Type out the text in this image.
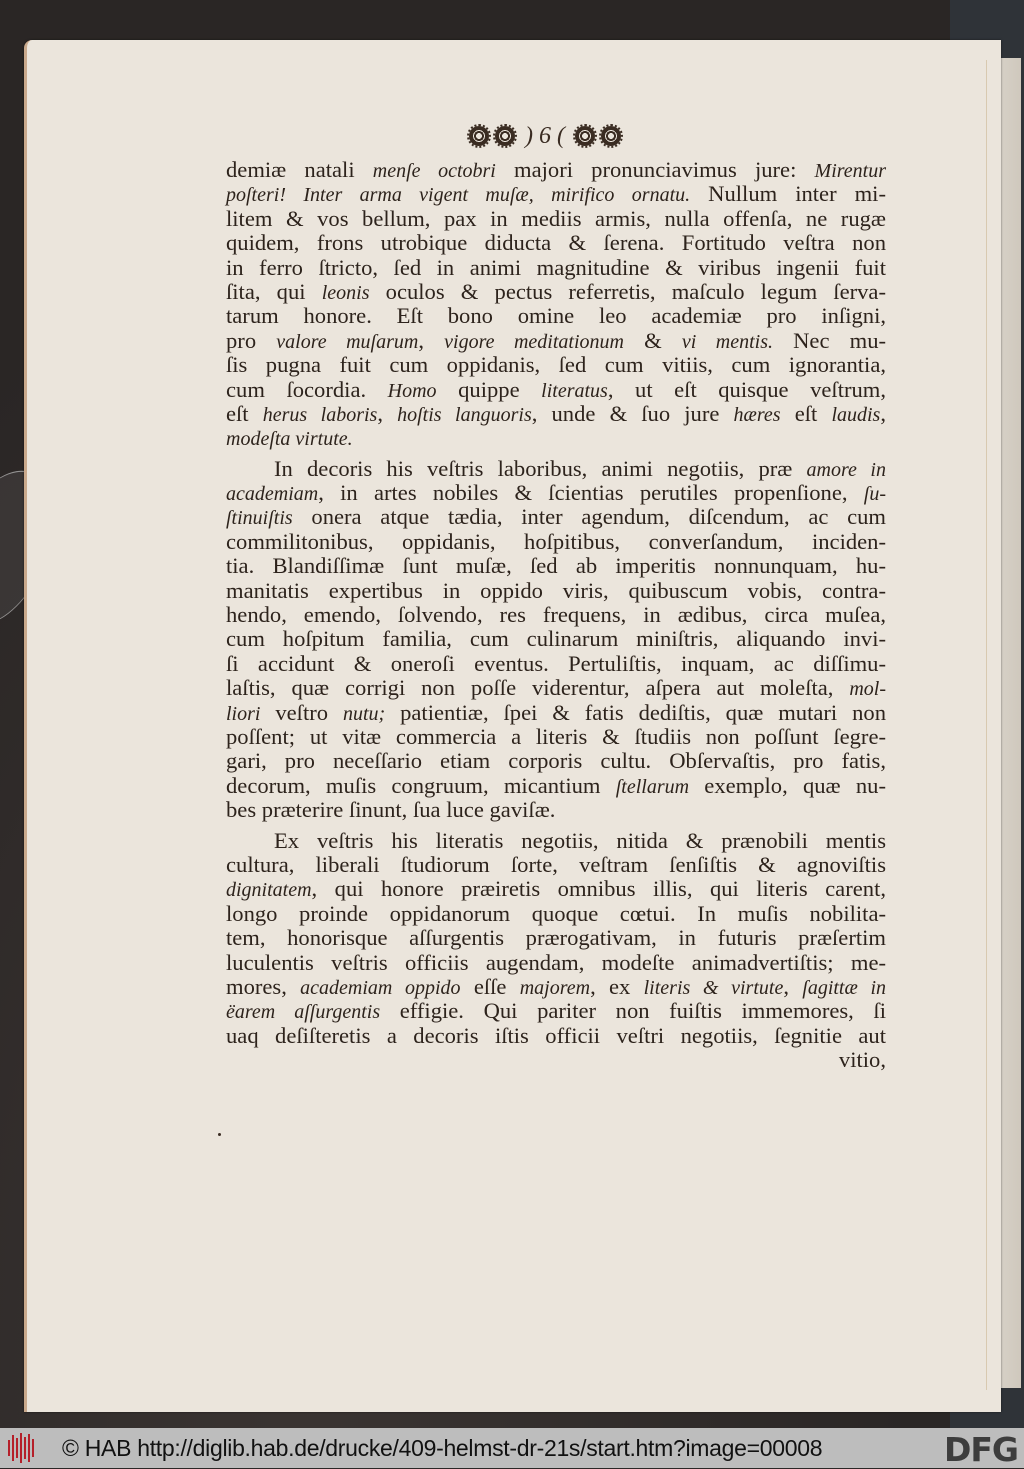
) 6 (
demiæ natali menſe octobri majori pronunciavimus jure: Mirentur
poſteri! Inter arma vigent muſæ, mirifico ornatu. Nullum inter mi-
litem & vos bellum, pax in mediis armis, nulla offenſa, ne rugæ
quidem, frons utrobique diducta & ſerena. Fortitudo veſtra non
in ferro ſtricto, ſed in animi magnitudine & viribus ingenii fuit
ſita, qui leonis oculos & pectus referretis, maſculo legum ſerva-
tarum honore. Eſt bono omine leo academiæ pro inſigni,
pro valore muſarum, vigore meditationum & vi mentis. Nec mu-
ſis pugna fuit cum oppidanis, ſed cum vitiis, cum ignorantia,
cum ſocordia. Homo quippe literatus, ut eſt quisque veſtrum,
eſt herus laboris, hoſtis languoris, unde & ſuo jure hæres eſt laudis,
modeſta virtute.
In decoris his veſtris laboribus, animi negotiis, præ amore in
academiam, in artes nobiles & ſcientias perutiles propenſione, ſu-
ſtinuiſtis onera atque tædia, inter agendum, diſcendum, ac cum
commilitonibus, oppidanis, hoſpitibus, converſandum, inciden-
tia. Blandiſſimæ ſunt muſæ, ſed ab imperitis nonnunquam, hu-
manitatis expertibus in oppido viris, quibuscum vobis, contra-
hendo, emendo, ſolvendo, res frequens, in ædibus, circa muſea,
cum hoſpitum familia, cum culinarum miniſtris, aliquando invi-
ſi accidunt & oneroſi eventus. Pertuliſtis, inquam, ac diſſimu-
laſtis, quæ corrigi non poſſe viderentur, aſpera aut moleſta, mol-
liori veſtro nutu; patientiæ, ſpei & fatis dediſtis, quæ mutari non
poſſent; ut vitæ commercia a literis & ſtudiis non poſſunt ſegre-
gari, pro neceſſario etiam corporis cultu. Obſervaſtis, pro fatis,
decorum, muſis congruum, micantium ſtellarum exemplo, quæ nu-
bes præterire ſinunt, ſua luce gaviſæ.
Ex veſtris his literatis negotiis, nitida & prænobili mentis
cultura, liberali ſtudiorum ſorte, veſtram ſenſiſtis & agnoviſtis
dignitatem, qui honore præiretis omnibus illis, qui literis carent,
longo proinde oppidanorum quoque cœtui. In muſis nobilita-
tem, honorisque aſſurgentis prærogativam, in futuris præſertim
luculentis veſtris officiis augendam, modeſte animadvertiſtis; me-
mores, academiam oppido eſſe majorem, ex literis & virtute, ſagittæ in
ëarem aſſurgentis effigie. Qui pariter non fuiſtis immemores, ſi
uaq deſiſteretis a decoris iſtis officii veſtri negotiis, ſegnitie aut
vitio,
© HAB http://diglib.hab.de/drucke/409-helmst-dr-21s/start.htm?image=00008	DFG
